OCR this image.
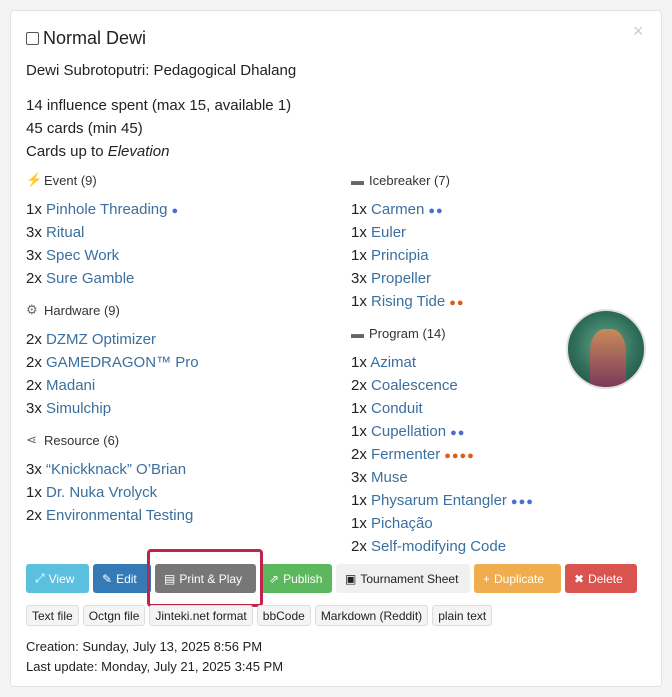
×
Normal Dewi
Dewi Subrotoputri: Pedagogical Dhalang
14 influence spent (max 15, available 1)
45 cards (min 45)
Cards up to Elevation
⚡ Event (9)
1x Pinhole Threading ●
3x Ritual
3x Spec Work
2x Sure Gamble
⚙ Hardware (9)
2x DZMZ Optimizer
2x GAMEDRAGON™ Pro
2x Madani
3x Simulchip
⋖ Resource (6)
3x “Knickknack” O’Brian
1x Dr. Nuka Vrolyck
2x Environmental Testing
▬ Icebreaker (7)
1x Carmen ●●
1x Euler
1x Principia
3x Propeller
1x Rising Tide ●●
▬ Program (14)
1x Azimat
2x Coalescence
1x Conduit
1x Cupellation ●●
2x Fermenter ●●●●
3x Muse
1x Physarum Entangler ●●●
1x Pichação
2x Self-modifying Code
⤢ View ✎ Edit ▤ Print & Play ⇗ Publish ▣ Tournament Sheet + Duplicate ✖ Delete
Text file	Octgn file	Jinteki.net format	bbCode	Markdown (Reddit)	plain text
Creation: Sunday, July 13, 2025 8:56 PM
Last update: Monday, July 21, 2025 3:45 PM
